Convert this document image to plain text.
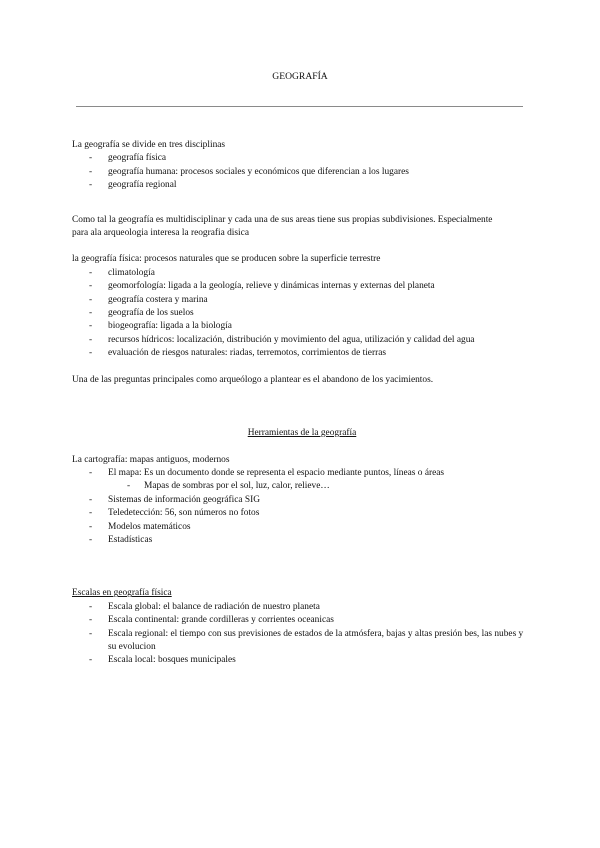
GEOGRAFÍA

La geografía se divide en tres disciplinas

- geografía física
- geografía humana: procesos sociales y económicos que diferencian a los lugares
- geografía regional

Como tal la geografía es multidisciplinar y cada una de sus areas tiene sus propias subdivisiones. Especialmente
para ala arqueologia interesa la reografia disica

la geografía física: procesos naturales que se producen sobre la superficie terrestre

- climatología
- geomorfología: ligada a la geología, relieve y dinámicas internas y externas del planeta
- geografía costera y marina
- geografía de los suelos
- biogeografía: ligada a la biología
- recursos hídricos: localización, distribución y movimiento del agua, utilización y calidad del agua
- evaluación de riesgos naturales: riadas, terremotos, corrimientos de tierras

Una de las preguntas principales como arqueólogo a plantear es el abandono de los yacimientos.

Herramientas de la geografía

La cartografía: mapas antiguos, modernos

- El mapa: Es un documento donde se representa el espacio mediante puntos, líneas o áreas
- Mapas de sombras por el sol, luz, calor, relieve…
- Sistemas de información geográfica SIG
- Teledetección: 56, son números no fotos
- Modelos matemáticos
- Estadísticas

Escalas en geografía física

- Escala global: el balance de radiación de nuestro planeta
- Escala continental: grande cordilleras y corrientes oceanicas
- Escala regional: el tiempo con sus previsiones de estados de la atmósfera, bajas y altas presión bes, las nubes y su evolucion
- Escala local: bosques municipales
